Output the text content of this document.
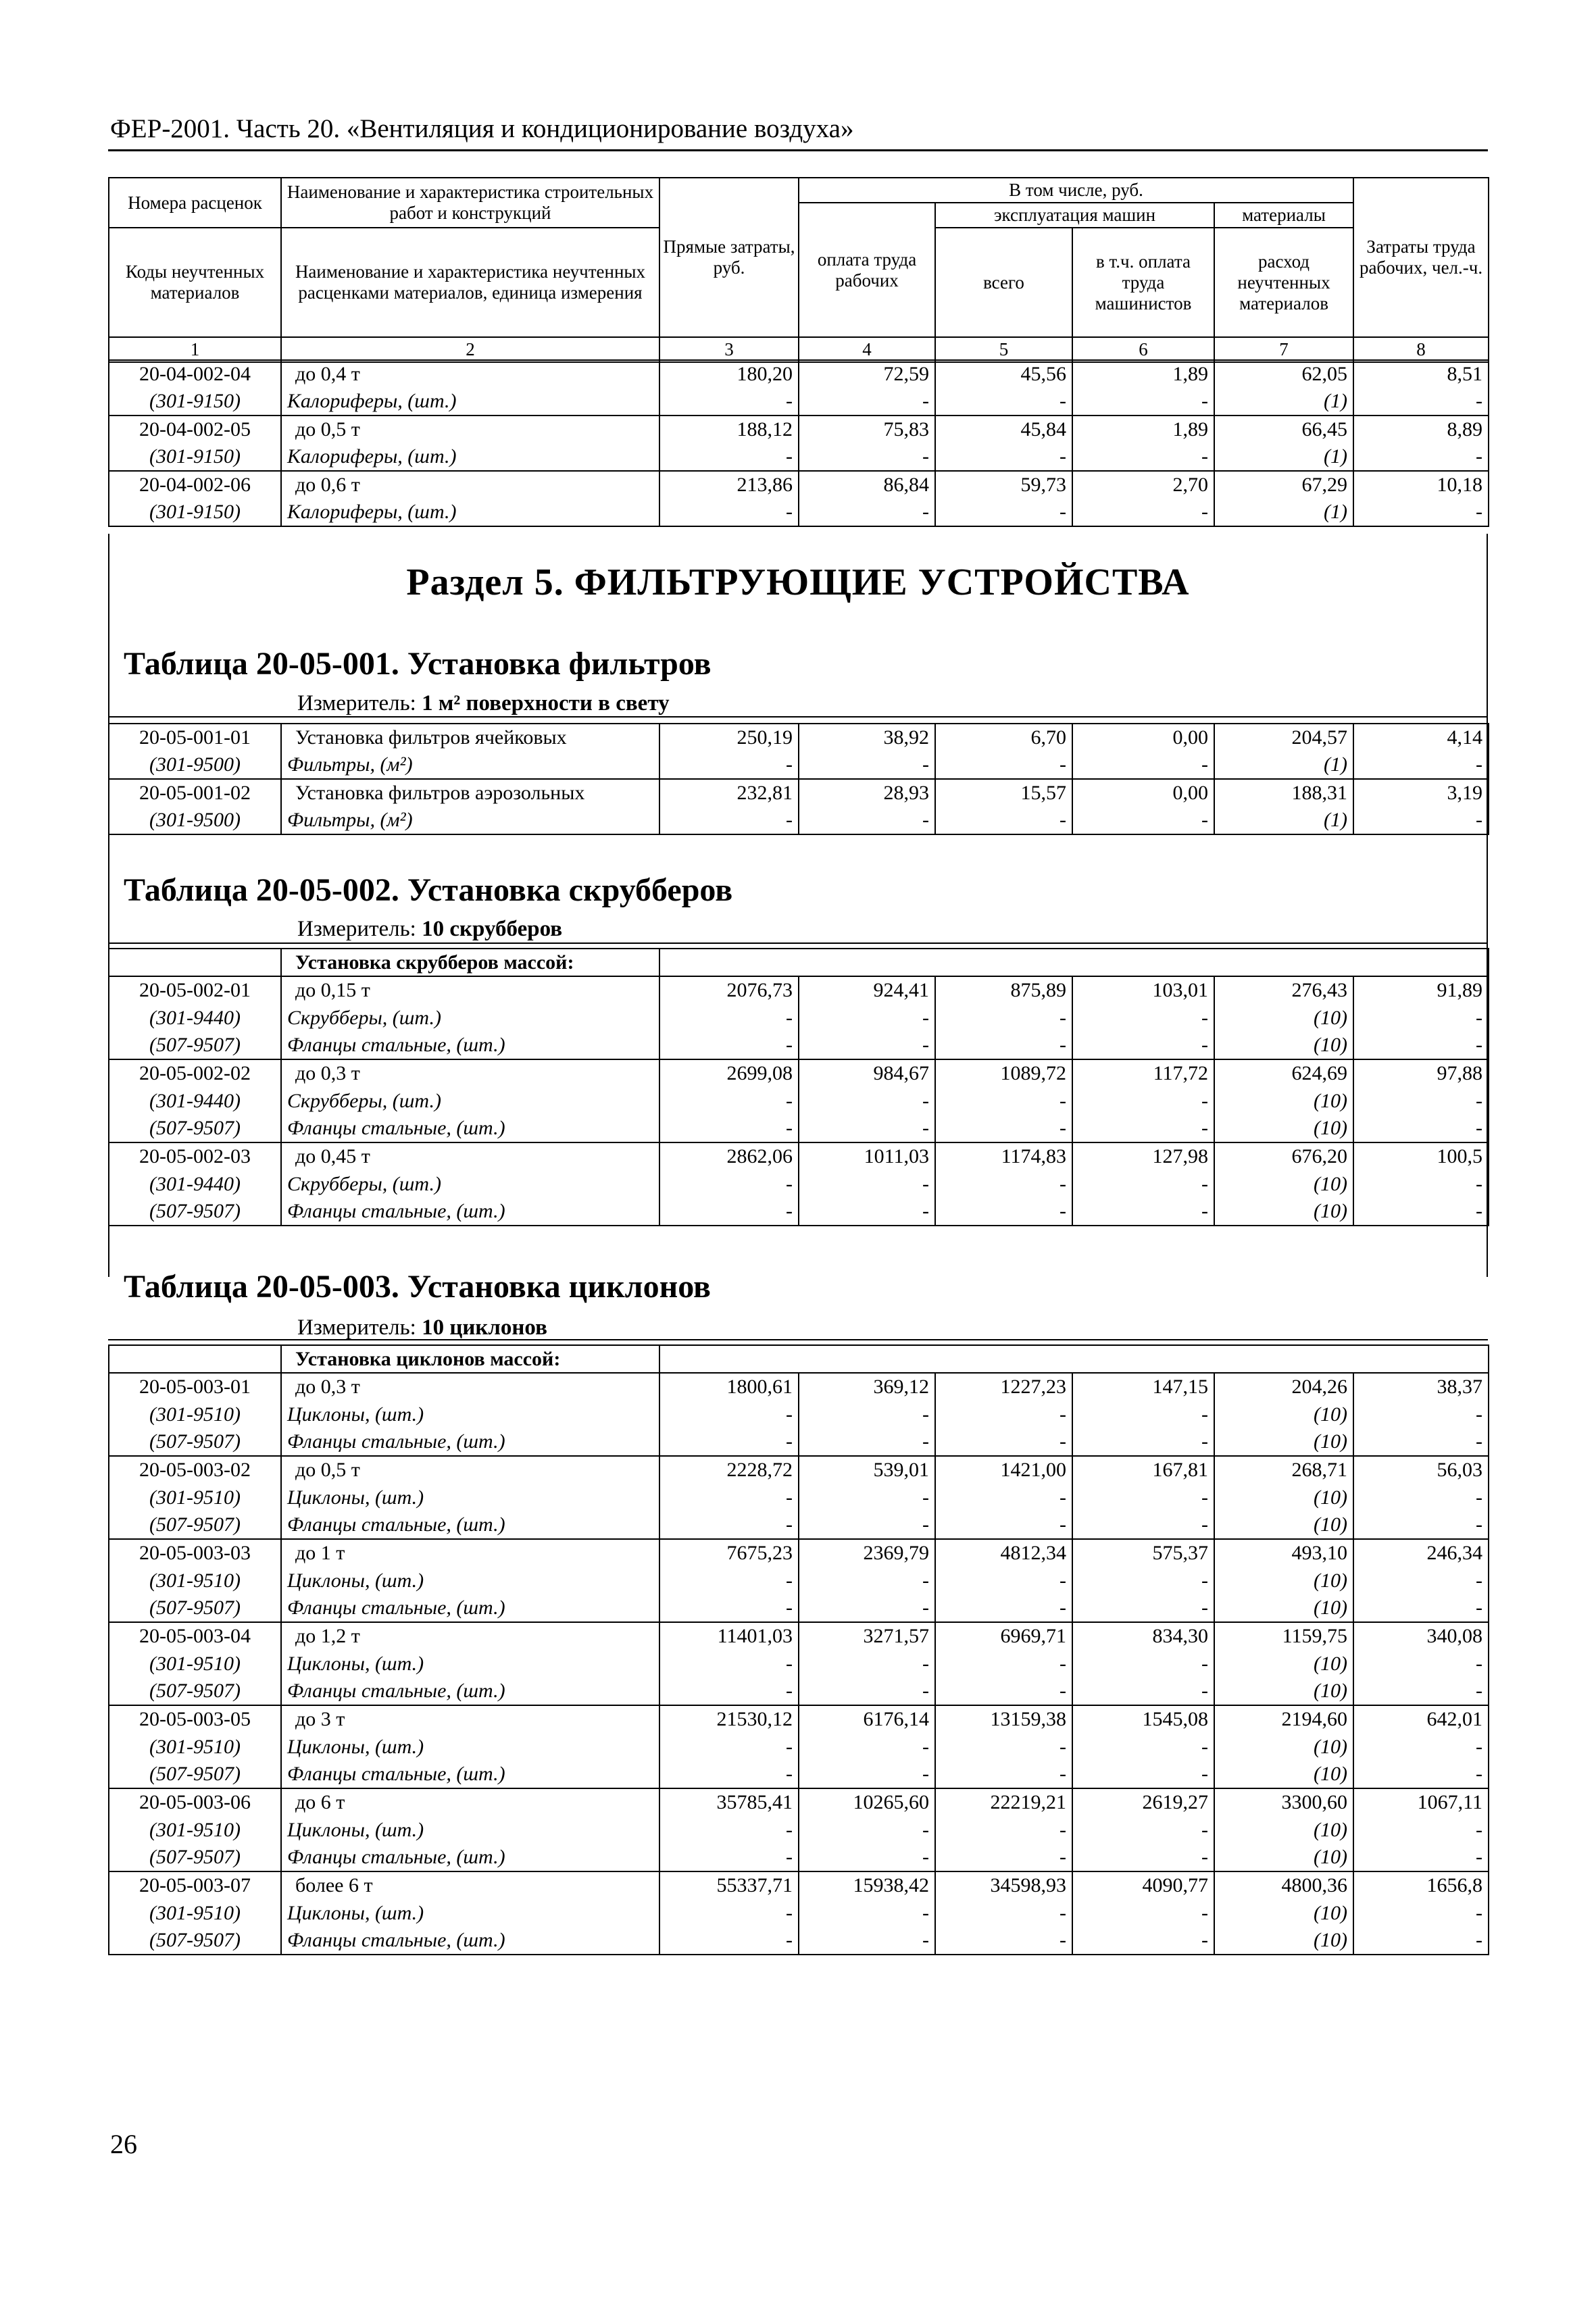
ФЕР-2001. Часть 20. «Вентиляция и кондиционирование воздуха»
Номера расценок	Наименование и характеристика строительных работ и конструкций	Прямые затраты, руб.	В том числе, руб.				Затраты труда рабочих, чел.-ч.
			оплата труда рабочих	эксплуатация машин		материалы	
Коды неучтенных материалов	Наименование и характеристика неучтенных расценками материалов, единица измерения			всего	в т.ч. оплата труда машинистов	расход неучтенных материалов	

1	2	3	4	5	6	7	8
20-04-002-04	до 0,4 т	180,20	72,59	45,56	1,89	62,05	8,51
(301-9150)	Калориферы, (шт.)	-	-	-	-	(1)	-
20-04-002-05	до 0,5 т	188,12	75,83	45,84	1,89	66,45	8,89
(301-9150)	Калориферы, (шт.)	-	-	-	-	(1)	-
20-04-002-06	до 0,6 т	213,86	86,84	59,73	2,70	67,29	10,18
(301-9150)	Калориферы, (шт.)	-	-	-	-	(1)	-
Раздел 5. ФИЛЬТРУЮЩИЕ УСТРОЙСТВА
Таблица 20-05-001. Установка фильтров
Измеритель: 1 м² поверхности в свету
20-05-001-01	Установка фильтров ячейковых	250,19	38,92	6,70	0,00	204,57	4,14
(301-9500)	Фильтры, (м²)	-	-	-	-	(1)	-
20-05-001-02	Установка фильтров аэрозольных	232,81	28,93	15,57	0,00	188,31	3,19
(301-9500)	Фильтры, (м²)	-	-	-	-	(1)	-
Таблица 20-05-002. Установка скрубберов
Измеритель: 10 скрубберов
	Установка скрубберов массой:						
20-05-002-01	до 0,15 т	2076,73	924,41	875,89	103,01	276,43	91,89
(301-9440)	Скрубберы, (шт.)	-	-	-	-	(10)	-
(507-9507)	Фланцы стальные, (шт.)	-	-	-	-	(10)	-
20-05-002-02	до 0,3 т	2699,08	984,67	1089,72	117,72	624,69	97,88
(301-9440)	Скрубберы, (шт.)	-	-	-	-	(10)	-
(507-9507)	Фланцы стальные, (шт.)	-	-	-	-	(10)	-
20-05-002-03	до 0,45 т	2862,06	1011,03	1174,83	127,98	676,20	100,5
(301-9440)	Скрубберы, (шт.)	-	-	-	-	(10)	-
(507-9507)	Фланцы стальные, (шт.)	-	-	-	-	(10)	-
Таблица 20-05-003. Установка циклонов
Измеритель: 10 циклонов
	Установка циклонов массой:						
20-05-003-01	до 0,3 т	1800,61	369,12	1227,23	147,15	204,26	38,37
(301-9510)	Циклоны, (шт.)	-	-	-	-	(10)	-
(507-9507)	Фланцы стальные, (шт.)	-	-	-	-	(10)	-
20-05-003-02	до 0,5 т	2228,72	539,01	1421,00	167,81	268,71	56,03
(301-9510)	Циклоны, (шт.)	-	-	-	-	(10)	-
(507-9507)	Фланцы стальные, (шт.)	-	-	-	-	(10)	-
20-05-003-03	до 1 т	7675,23	2369,79	4812,34	575,37	493,10	246,34
(301-9510)	Циклоны, (шт.)	-	-	-	-	(10)	-
(507-9507)	Фланцы стальные, (шт.)	-	-	-	-	(10)	-
20-05-003-04	до 1,2 т	11401,03	3271,57	6969,71	834,30	1159,75	340,08
(301-9510)	Циклоны, (шт.)	-	-	-	-	(10)	-
(507-9507)	Фланцы стальные, (шт.)	-	-	-	-	(10)	-
20-05-003-05	до 3 т	21530,12	6176,14	13159,38	1545,08	2194,60	642,01
(301-9510)	Циклоны, (шт.)	-	-	-	-	(10)	-
(507-9507)	Фланцы стальные, (шт.)	-	-	-	-	(10)	-
20-05-003-06	до 6 т	35785,41	10265,60	22219,21	2619,27	3300,60	1067,11
(301-9510)	Циклоны, (шт.)	-	-	-	-	(10)	-
(507-9507)	Фланцы стальные, (шт.)	-	-	-	-	(10)	-
20-05-003-07	более 6 т	55337,71	15938,42	34598,93	4090,77	4800,36	1656,8
(301-9510)	Циклоны, (шт.)	-	-	-	-	(10)	-
(507-9507)	Фланцы стальные, (шт.)	-	-	-	-	(10)	-
26
